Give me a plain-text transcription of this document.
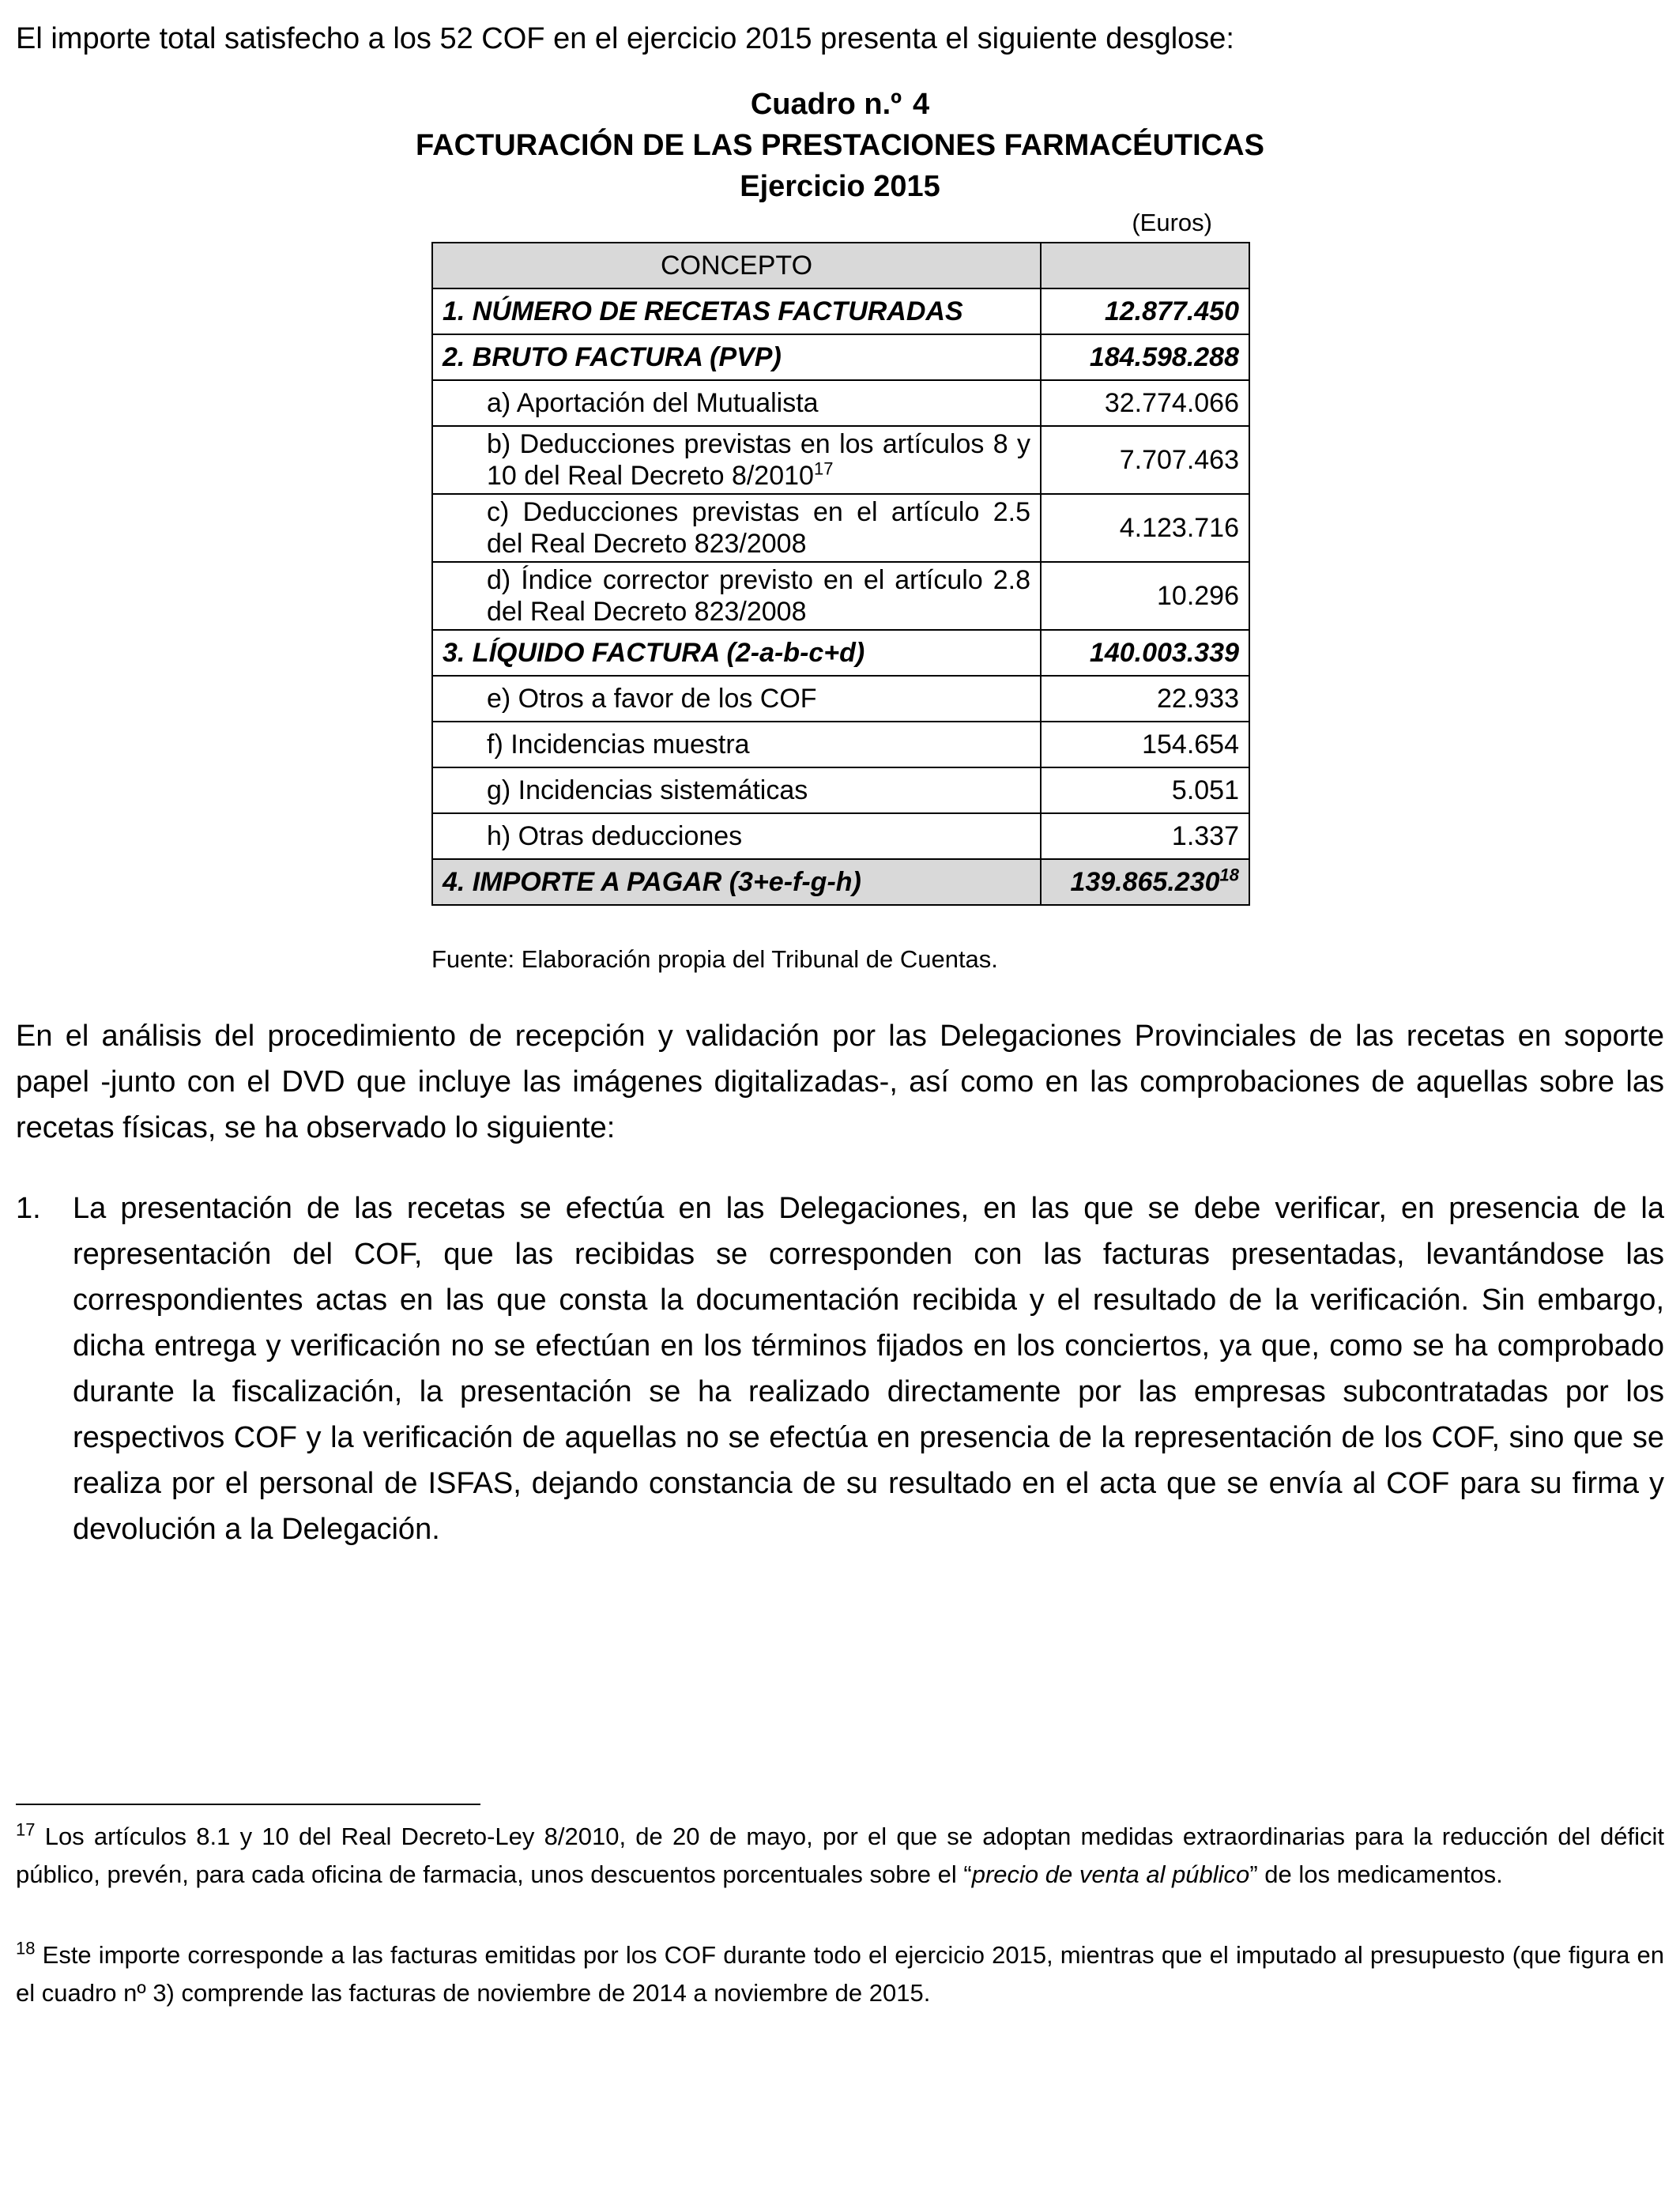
El importe total satisfecho a los 52 COF en el ejercicio 2015 presenta el siguiente desglose:
Cuadro n.º 4
FACTURACIÓN DE LAS PRESTACIONES FARMACÉUTICAS
Ejercicio 2015
(Euros)
CONCEPTO	
1. NÚMERO DE RECETAS FACTURADAS	12.877.450
2. BRUTO FACTURA (PVP)	184.598.288
a) Aportación del Mutualista	32.774.066
b) Deducciones previstas en los artículos 8 y 10 del Real Decreto 8/2010$^{17}$	7.707.463
c) Deducciones previstas en el artículo 2.5 del Real Decreto 823/2008	4.123.716
d) Índice corrector previsto en el artículo 2.8 del Real Decreto 823/2008	10.296
3. LÍQUIDO FACTURA (2-a-b-c+d)	140.003.339
e) Otros a favor de los COF	22.933
f) Incidencias muestra	154.654
g) Incidencias sistemáticas	5.051
h) Otras deducciones	1.337
4. IMPORTE A PAGAR (3+e-f-g-h)	139.865.230$^{18}$
Fuente: Elaboración propia del Tribunal de Cuentas.
En el análisis del procedimiento de recepción y validación por las Delegaciones Provinciales de las recetas en soporte papel -junto con el DVD que incluye las imágenes digitalizadas-, así como en las comprobaciones de aquellas sobre las recetas físicas, se ha observado lo siguiente:
1. La presentación de las recetas se efectúa en las Delegaciones, en las que se debe verificar, en presencia de la representación del COF, que las recibidas se corresponden con las facturas presentadas, levantándose las correspondientes actas en las que consta la documentación recibida y el resultado de la verificación. Sin embargo, dicha entrega y verificación no se efectúan en los términos fijados en los conciertos, ya que, como se ha comprobado durante la fiscalización, la presentación se ha realizado directamente por las empresas subcontratadas por los respectivos COF y la verificación de aquellas no se efectúa en presencia de la representación de los COF, sino que se realiza por el personal de ISFAS, dejando constancia de su resultado en el acta que se envía al COF para su firma y devolución a la Delegación.
$^{17}$ Los artículos 8.1 y 10 del Real Decreto-Ley 8/2010, de 20 de mayo, por el que se adoptan medidas extraordinarias para la reducción del déficit público, prevén, para cada oficina de farmacia, unos descuentos porcentuales sobre el “precio de venta al público” de los medicamentos.
$^{18}$ Este importe corresponde a las facturas emitidas por los COF durante todo el ejercicio 2015, mientras que el imputado al presupuesto (que figura en el cuadro nº 3) comprende las facturas de noviembre de 2014 a noviembre de 2015.
